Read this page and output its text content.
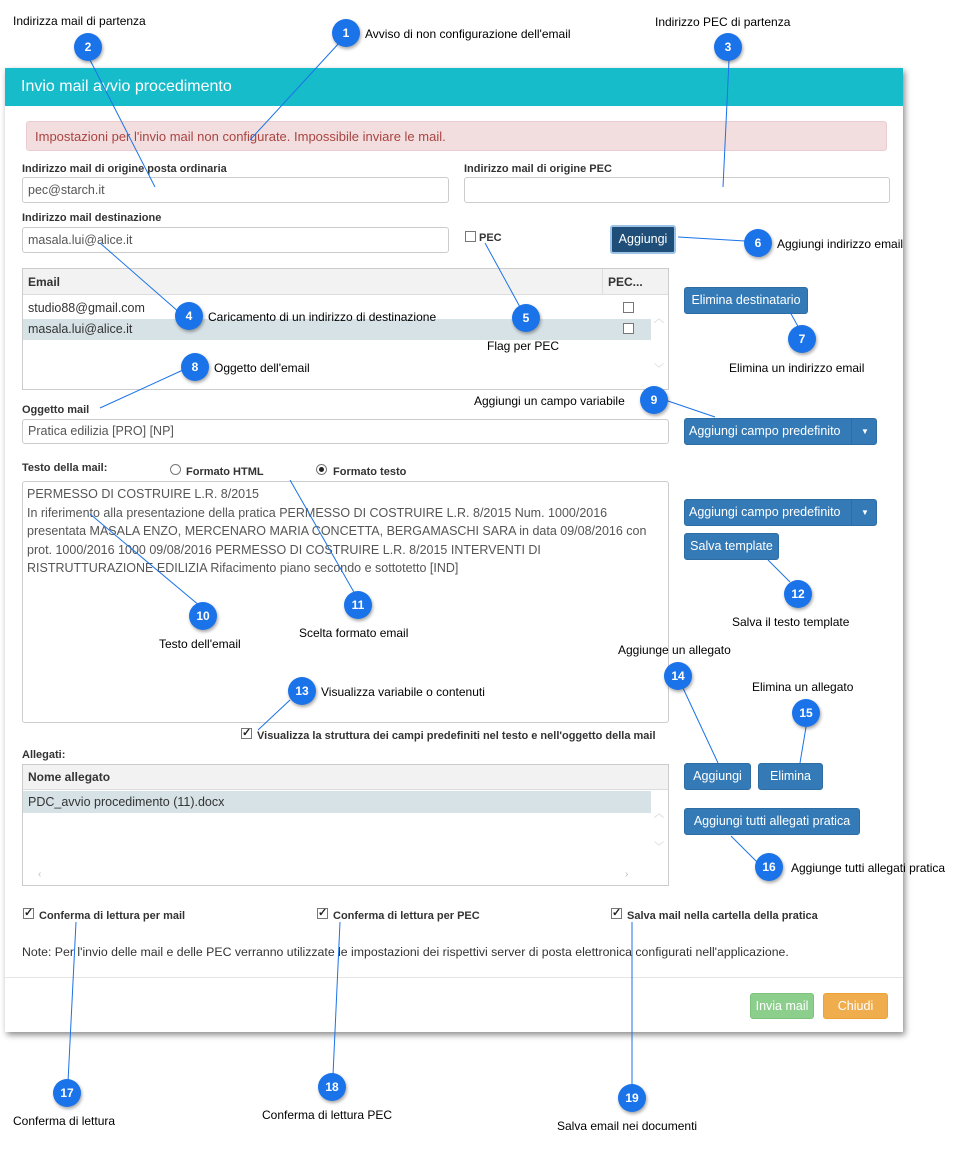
Invio mail avvio procedimento
Impostazioni per l'invio mail non configurate. Impossibile inviare le mail.
Indirizzo mail di origine posta ordinaria
pec@starch.it
Indirizzo mail di origine PEC
Indirizzo mail destinazione
masala.lui@alice.it	PEC	Aggiungi
Email	PEC...
studio88@gmail.com
masala.lui@alice.it
︿
﹀
Elimina destinatario
Oggetto mail
Pratica edilizia [PRO] [NP]	Aggiungi campo predefinito	▼
Testo della mail:	Formato HTML	Formato testo
PERMESSO DI COSTRUIRE L.R. 8/2015
In riferimento alla presentazione della pratica PERMESSO DI COSTRUIRE L.R. 8/2015 Num. 1000/2016
presentata MASALA ENZO, MERCENARO MARIA CONCETTA, BERGAMASCHI SARA in data 09/08/2016 con
prot. 1000/2016 1000 09/08/2016 PERMESSO DI COSTRUIRE L.R. 8/2015 INTERVENTI DI
RISTRUTTURAZIONE EDILIZIA Rifacimento piano secondo e sottotetto [IND]
Aggiungi campo predefinito	▼
Salva template
✓
Visualizza la struttura dei campi predefiniti nel testo e nell'oggetto della mail
Allegati:
Nome allegato
PDC_avvio procedimento (11).docx
︿
﹀
‹	›
Aggiungi	Elimina
Aggiungi tutti allegati pratica
✓
Conferma di lettura per mail ✓	Conferma di lettura per PEC ✓	Salva mail nella cartella della pratica
Note: Per l'invio delle mail e delle PEC verranno utilizzate le impostazioni dei rispettivi server di posta elettronica configurati nell'applicazione.
Invia mail	Chiudi
1	Avviso di non configurazione dell'email
2
Indirizza mail di partenza
3
Indirizzo PEC di partenza
4	Caricamento di un indirizzo di destinazione	5
Flag per PEC
6	Aggiungi indirizzo email
7
Elimina un indirizzo email
8	Oggetto dell'email
9
Aggiungi un campo variabile
10
Testo dell'email
11
Scelta formato email
12
Salva il testo template
13	Visualizza variabile o contenuti
14
Aggiunge un allegato
15
Elimina un allegato
16	Aggiunge tutti allegati pratica
17
Conferma di lettura
18
Conferma di lettura PEC
19
Salva email nei documenti
